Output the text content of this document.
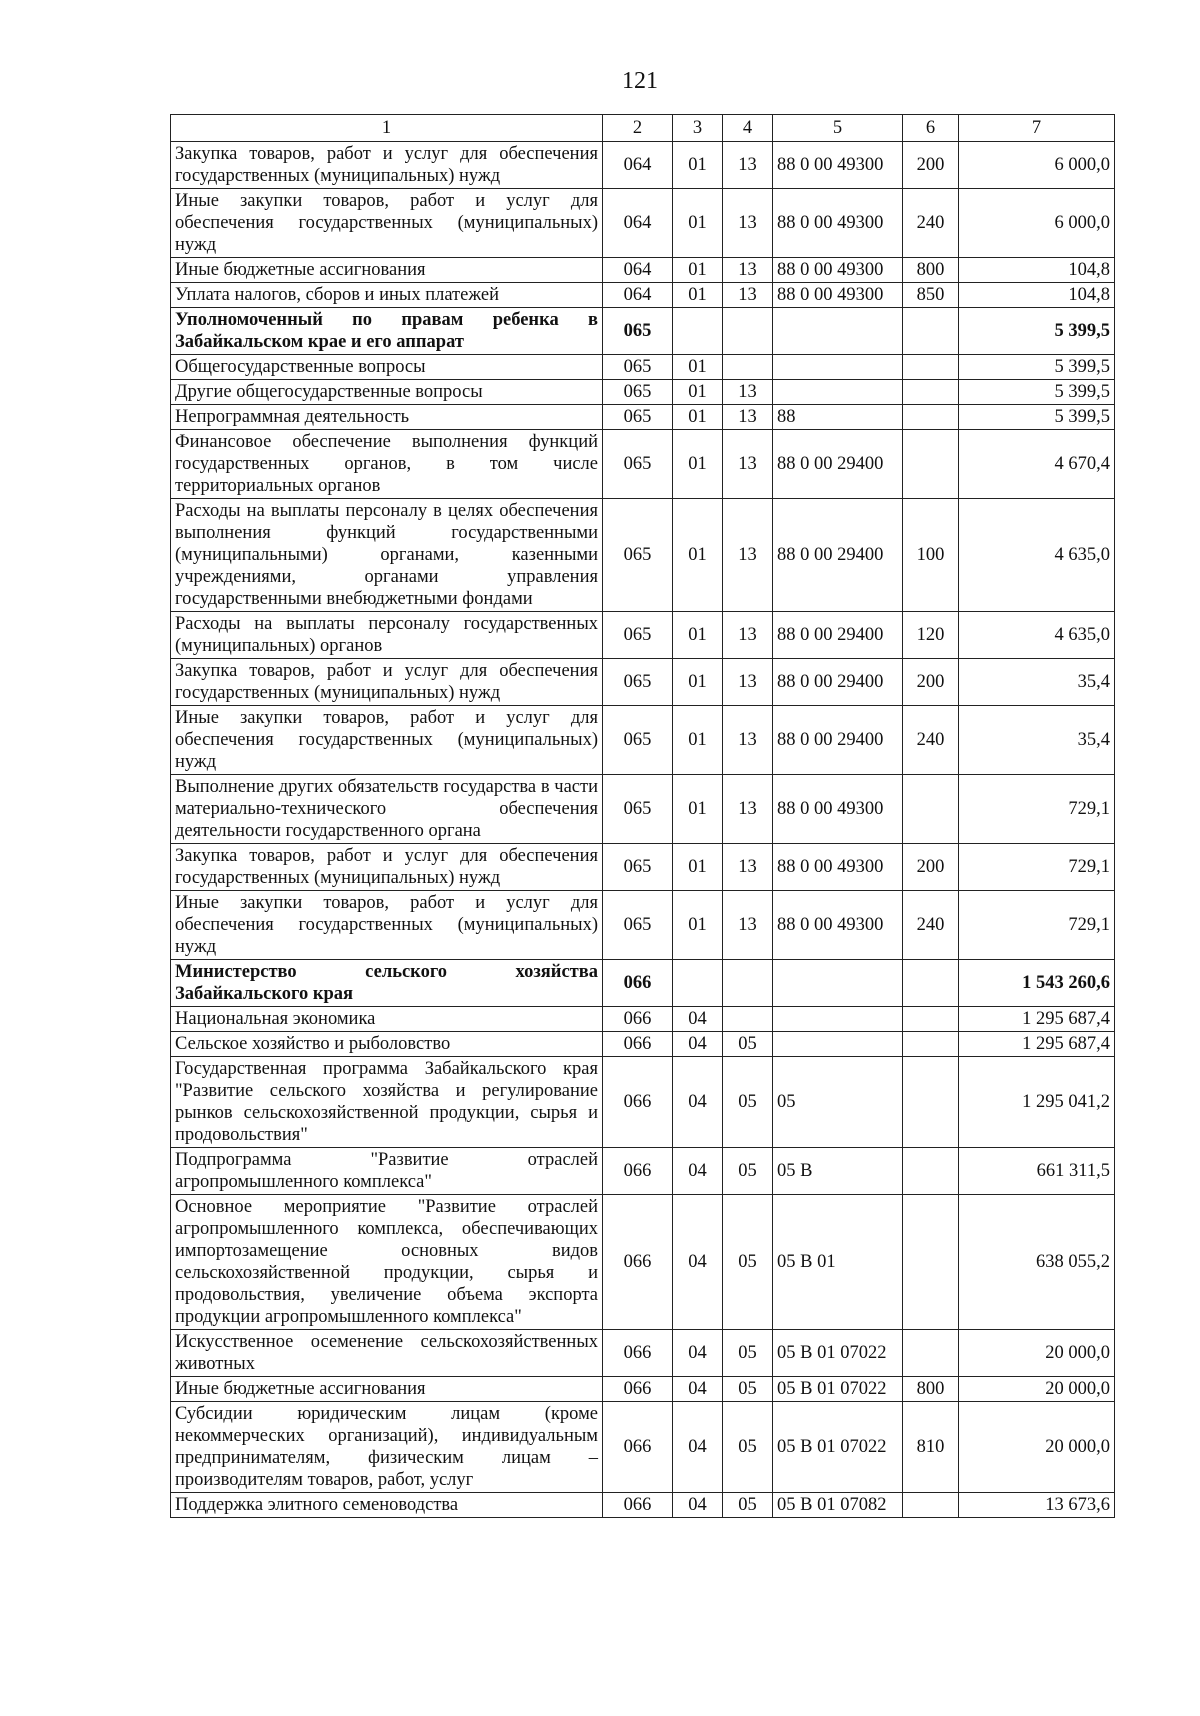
121
1	2	3	4	5	6	7
Закупка товаров, работ и услуг для обеспечения государственных (муниципальных) нужд	064	01	13	88 0 00 49300	200	6 000,0
Иные закупки товаров, работ и услуг для обеспечения государственных (муниципальных) нужд	064	01	13	88 0 00 49300	240	6 000,0
Иные бюджетные ассигнования	064	01	13	88 0 00 49300	800	104,8
Уплата налогов, сборов и иных платежей	064	01	13	88 0 00 49300	850	104,8
Уполномоченный по правам ребенка в Забайкальском крае и его аппарат	065					5 399,5
Общегосударственные вопросы	065	01				5 399,5
Другие общегосударственные вопросы	065	01	13			5 399,5
Непрограммная деятельность	065	01	13	88		5 399,5
Финансовое обеспечение выполнения функций государственных органов, в том числе территориальных органов	065	01	13	88 0 00 29400		4 670,4
Расходы на выплаты персоналу в целях обеспечения выполнения функций государственными (муниципальными) органами, казенными учреждениями, органами управления государственными внебюджетными фондами	065	01	13	88 0 00 29400	100	4 635,0
Расходы на выплаты персоналу государственных (муниципальных) органов	065	01	13	88 0 00 29400	120	4 635,0
Закупка товаров, работ и услуг для обеспечения государственных (муниципальных) нужд	065	01	13	88 0 00 29400	200	35,4
Иные закупки товаров, работ и услуг для обеспечения государственных (муниципальных) нужд	065	01	13	88 0 00 29400	240	35,4
Выполнение других обязательств государства в части материально-технического обеспечения деятельности государственного органа	065	01	13	88 0 00 49300		729,1
Закупка товаров, работ и услуг для обеспечения государственных (муниципальных) нужд	065	01	13	88 0 00 49300	200	729,1
Иные закупки товаров, работ и услуг для обеспечения государственных (муниципальных) нужд	065	01	13	88 0 00 49300	240	729,1
Министерство сельского хозяйства Забайкальского края	066					1 543 260,6
Национальная экономика	066	04				1 295 687,4
Сельское хозяйство и рыболовство	066	04	05			1 295 687,4
Государственная программа Забайкальского края "Развитие сельского хозяйства и регулирование рынков сельскохозяйственной продукции, сырья и продовольствия"	066	04	05	05		1 295 041,2
Подпрограмма "Развитие отраслей агропромышленного комплекса"	066	04	05	05 В		661 311,5
Основное мероприятие "Развитие отраслей агропромышленного комплекса, обеспечивающих импортозамещение основных видов сельскохозяйственной продукции, сырья и продовольствия, увеличение объема экспорта продукции агропромышленного комплекса"	066	04	05	05 В 01		638 055,2
Искусственное осеменение сельскохозяйственных животных	066	04	05	05 В 01 07022		20 000,0
Иные бюджетные ассигнования	066	04	05	05 В 01 07022	800	20 000,0
Субсидии юридическим лицам (кроме некоммерческих организаций), индивидуальным предпринимателям, физическим лицам – производителям товаров, работ, услуг	066	04	05	05 В 01 07022	810	20 000,0
Поддержка элитного семеноводства	066	04	05	05 В 01 07082		13 673,6
